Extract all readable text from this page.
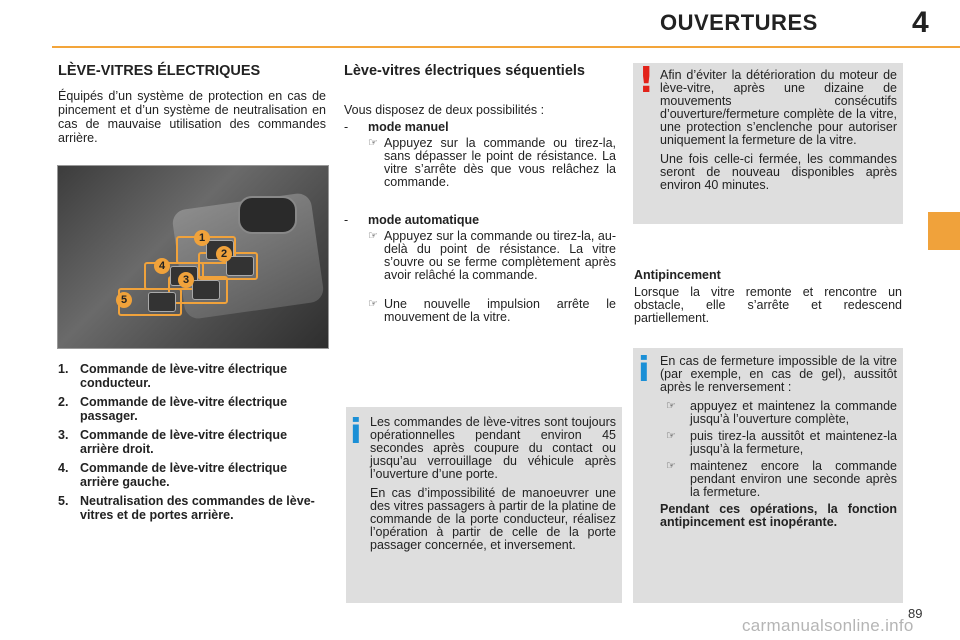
OUVERTURES	4
LÈVE-VITRES ÉLECTRIQUES
Équipés d’un système de protection en cas de pincement et d’un système de neutralisation en cas de mauvaise utilisation des commandes arrière.
1
2
3
4
5
1. Commande de lève-vitre électrique conducteur.
2. Commande de lève-vitre électrique passager.
3. Commande de lève-vitre électrique arrière droit.
4. Commande de lève-vitre électrique arrière gauche.
5. Neutralisation des commandes de lève-vitres et de portes arrière.
Lève-vitres électriques séquentiels
Vous disposez de deux possibilités :
- mode manuel
☞ Appuyez sur la commande ou tirez-la, sans dépasser le point de résistance. La vitre s’arrête dès que vous relâchez la commande.
- mode automatique
☞ Appuyez sur la commande ou tirez-la, au-delà du point de résistance. La vitre s’ouvre ou se ferme complètement après avoir relâché la commande.
☞ Une nouvelle impulsion arrête le mouvement de la vitre.
i Les commandes de lève-vitres sont toujours opérationnelles pendant environ 45 secondes après coupure du contact ou jusqu’au verrouillage du véhicule après l’ouverture d’une porte.

En cas d’impossibilité de manoeuvrer une des vitres passagers à partir de la platine de commande de la porte conducteur, réalisez l’opération à partir de celle de la porte passager concernée, et inversement.

! Afin d’éviter la détérioration du moteur de lève-vitre, après une dizaine de mouvements consécutifs d’ouverture/fermeture complète de la vitre, une protection s’enclenche pour autoriser uniquement la fermeture de la vitre.

Une fois celle-ci fermée, les commandes seront de nouveau disponibles après environ 40 minutes.

Antipincement
Lorsque la vitre remonte et rencontre un obstacle, elle s’arrête et redescend partiellement.
i En cas de fermeture impossible de la vitre (par exemple, en cas de gel), aussitôt après le renversement :

☞	appuyez et maintenez la commande jusqu’à l’ouverture complète,
☞	puis tirez-la aussitôt et maintenez-la jusqu’à la fermeture,
☞	maintenez encore la commande pendant environ une seconde après la fermeture.

Pendant ces opérations, la fonction antipincement est inopérante.

89
carmanualsonline.info
